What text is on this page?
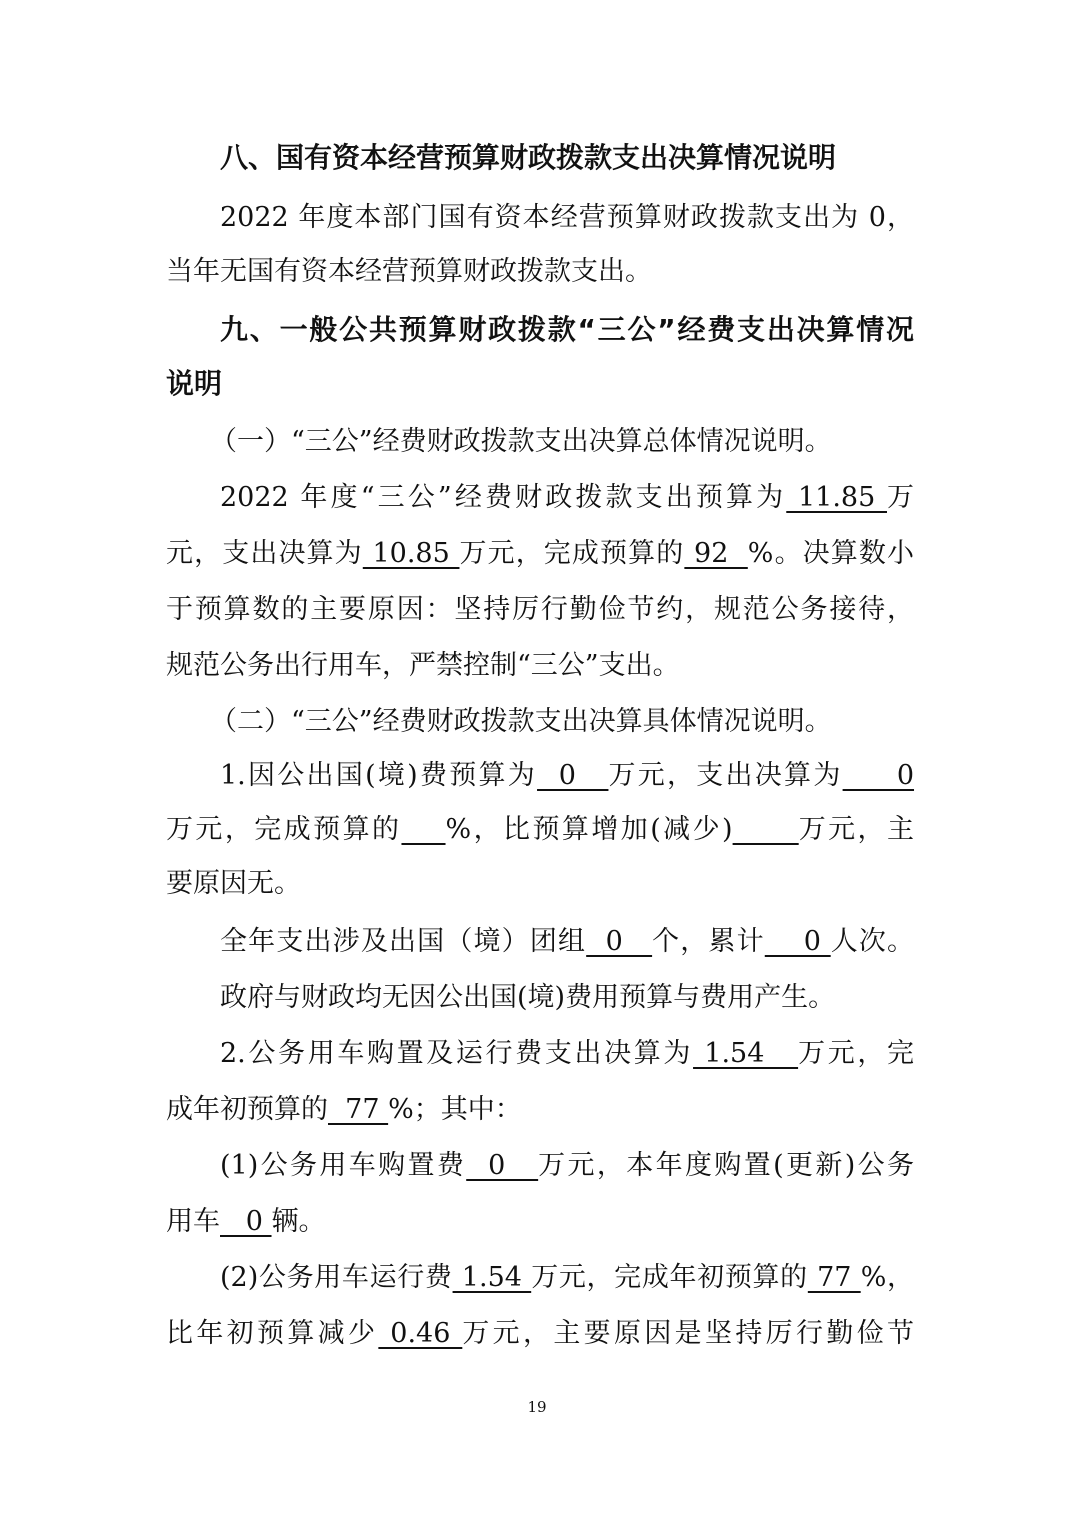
八、国有资本经营预算财政拨款支出决算情况说明
2022 年度本部门国有资本经营预算财政拨款支出为 0，
当年无国有资本经营预算财政拨款支出。
九、一般公共预算财政拨款“三公”经费支出决算情况
说明
（一）“三公”经费财政拨款支出决算总体情况说明。
2022 年度“三公”经费财政拨款支出预算为 11.85 万
元，支出决算为 10.85 万元，完成预算的 92  %。决算数小
于预算数的主要原因：坚持厉行勤俭节约，规范公务接待，
规范公务出行用车，严禁控制“三公”支出。
（二）“三公”经费财政拨款支出决算具体情况说明。
1.因公出国(境)费预算为  0   万元，支出决算为     0
万元，完成预算的 %，比预算增加(减少) 万元，主
要原因无。
全年支出涉及出国（境）团组  0   个，累计    0 人次。
政府与财政均无因公出国(境)费用预算与费用产生。
2.公务用车购置及运行费支出决算为 1.54   万元，完
成年初预算的  77 %；其中：
(1)公务用车购置费  0   万元，本年度购置(更新)公务
用车   0 辆。
(2)公务用车运行费 1.54 万元，完成年初预算的 77 %，
比年初预算减少 0.46 万元，主要原因是坚持厉行勤俭节
19
